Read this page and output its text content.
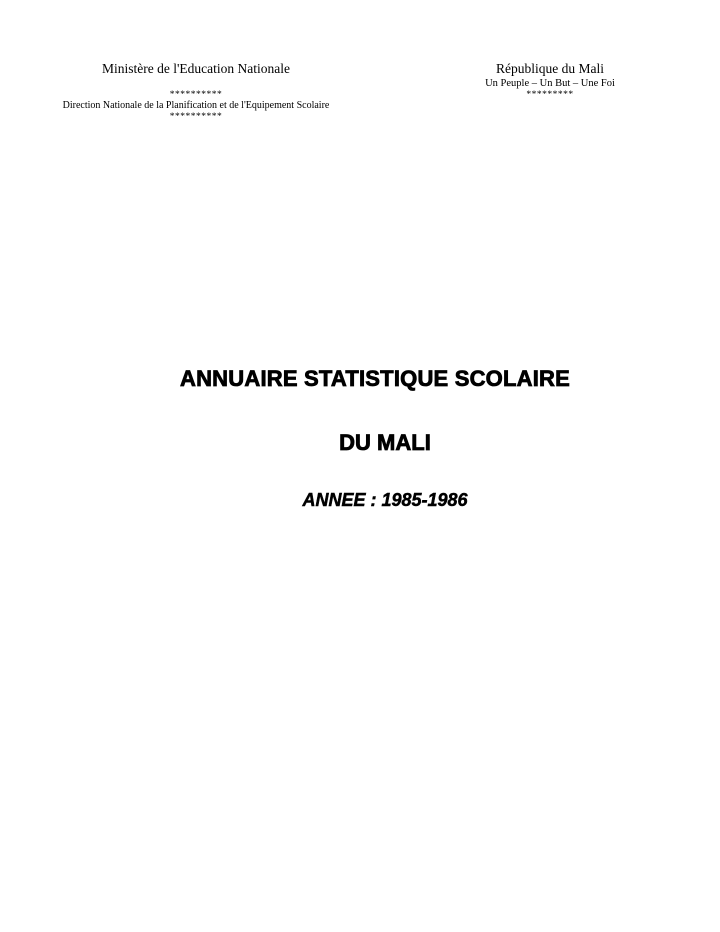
Ministère de l'Education Nationale

**********

Direction Nationale de la Planification et de l'Equipement Scolaire

**********

République du Mali

Un Peuple – Un But – Une Foi

*********

ANNUAIRE STATISTIQUE SCOLAIRE

DU MALI

ANNEE : 1985-1986
